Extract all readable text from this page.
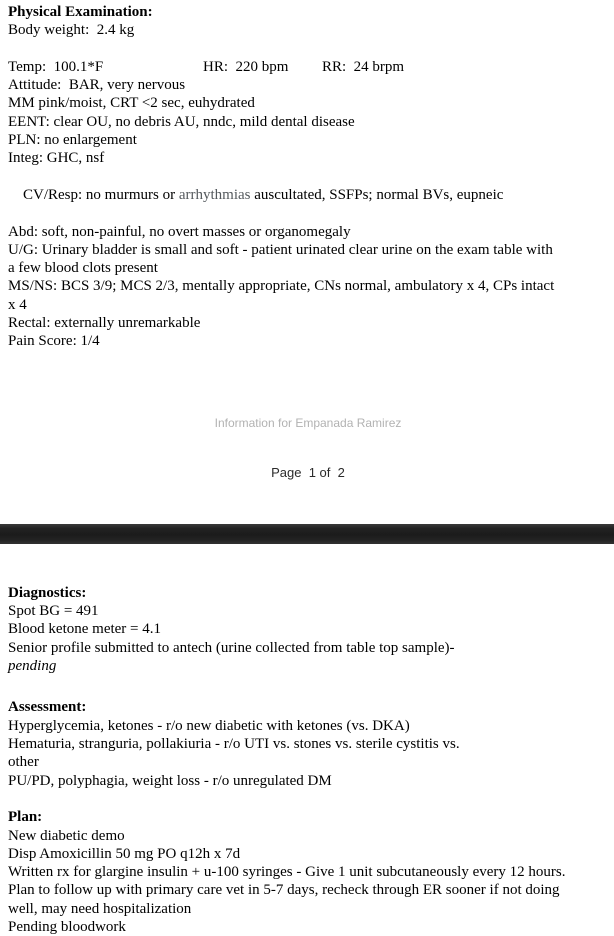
Physical Examination:
Body weight:  2.4 kg

Temp:  100.1*F

	HR:  220 bpm

RR:  24 brpm

Attitude:  BAR, very nervous
MM pink/moist, CRT <2 sec, euhydrated
EENT: clear OU, no debris AU, nndc, mild dental disease
PLN: no enlargement
Integ: GHC, nsf

CV/Resp: no murmurs or arrhythmias auscultated, SSFPs; normal BVs, eupneic

Abd: soft, non-painful, no overt masses or organomegaly
U/G: Urinary bladder is small and soft - patient urinated clear urine on the exam table with
a few blood clots present
MS/NS: BCS 3/9; MCS 2/3, mentally appropriate, CNs normal, ambulatory x 4, CPs intact
x 4
Rectal: externally unremarkable
Pain Score: 1/4

Information for Empanada Ramirez

Page  1 of  2

Diagnostics:
Spot BG = 491
Blood ketone meter = 4.1
Senior profile submitted to antech (urine collected from table top sample)-
pending
Assessment:
Hyperglycemia, ketones - r/o new diabetic with ketones (vs. DKA)
Hematuria, stranguria, pollakiuria - r/o UTI vs. stones vs. sterile cystitis vs.
other
PU/PD, polyphagia, weight loss - r/o unregulated DM
Plan:
New diabetic demo
Disp Amoxicillin 50 mg PO q12h x 7d
Written rx for glargine insulin + u-100 syringes - Give 1 unit subcutaneously every 12 hours.
Plan to follow up with primary care vet in 5-7 days, recheck through ER sooner if not doing
well, may need hospitalization
Pending bloodwork
